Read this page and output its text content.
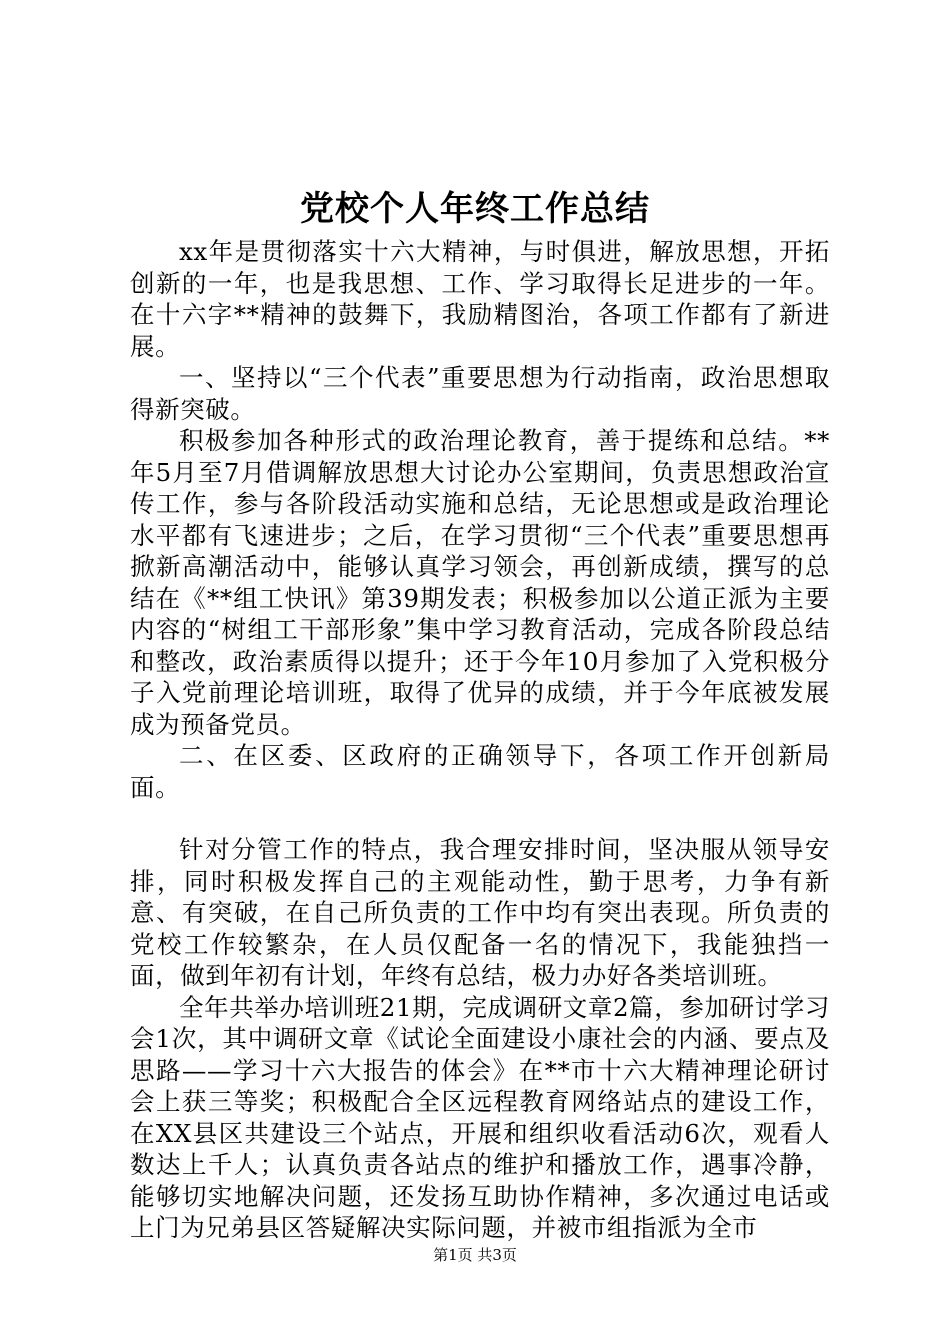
党校个人年终工作总结

xx年是贯彻落实十六大精神，与时俱进，解放思想，开拓创新的一年，也是我思想、工作、学习取得长足进步的一年。在十六字**精神的鼓舞下，我励精图治，各项工作都有了新进展。

一、坚持以“三个代表”重要思想为行动指南，政治思想取得新突破。

积极参加各种形式的政治理论教育，善于提练和总结。**年5月至7月借调解放思想大讨论办公室期间，负责思想政治宣传工作，参与各阶段活动实施和总结，无论思想或是政治理论水平都有飞速进步；之后，在学习贯彻“三个代表”重要思想再掀新高潮活动中，能够认真学习领会，再创新成绩，撰写的总结在《**组工快讯》第39期发表；积极参加以公道正派为主要内容的“树组工干部形象”集中学习教育活动，完成各阶段总结和整改，政治素质得以提升；还于今年10月参加了入党积极分子入党前理论培训班，取得了优异的成绩，并于今年底被发展成为预备党员。

二、在区委、区政府的正确领导下，各项工作开创新局面。

针对分管工作的特点，我合理安排时间，坚决服从领导安排，同时积极发挥自己的主观能动性，勤于思考，力争有新意、有突破，在自己所负责的工作中均有突出表现。所负责的党校工作较繁杂，在人员仅配备一名的情况下，我能独挡一面，做到年初有计划，年终有总结，极力办好各类培训班。

全年共举办培训班21期，完成调研文章2篇，参加研讨学习会1次，其中调研文章《试论全面建设小康社会的内涵、要点及思路——学习十六大报告的体会》在**市十六大精神理论研讨会上获三等奖；积极配合全区远程教育网络站点的建设工作，在XX县区共建设三个站点，开展和组织收看活动6次，观看人数达上千人；认真负责各站点的维护和播放工作，遇事冷静，能够切实地解决问题，还发扬互助协作精神，多次通过电话或上门为兄弟县区答疑解决实际问题，并被市组指派为全市

第1页 共3页
